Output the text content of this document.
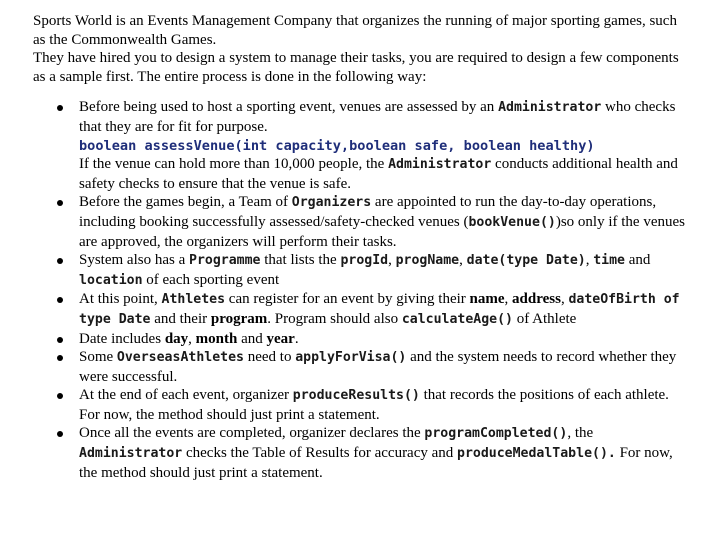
Sports World is an Events Management Company that organizes the running of major sporting games, such as the Commonwealth Games.
They have hired you to design a system to manage their tasks, you are required to design a few components as a sample first. The entire process is done in the following way:

Before being used to host a sporting event, venues are assessed by an Administrator who checks that they are for fit for purpose.
boolean assessVenue(int capacity,boolean safe, boolean healthy)
If the venue can hold more than 10,000 people, the Administrator conducts additional health and safety checks to ensure that the venue is safe.
Before the games begin, a Team of Organizers are appointed to run the day-to-day operations, including booking successfully assessed/safety-checked venues (bookVenue())so only if the venues are approved, the organizers will perform their tasks.
System also has a Programme that lists the progId, progName, date(type Date), time and location of each sporting event
At this point, Athletes can register for an event by giving their name, address, dateOfBirth of type Date and their program. Program should also calculateAge() of Athlete
Date includes day, month and year.
Some OverseasAthletes need to applyForVisa() and the system needs to record whether they were successful.
At the end of each event, organizer produceResults() that records the positions of each athlete. For now, the method should just print a statement.
Once all the events are completed, organizer declares the programCompleted(), the Administrator checks the Table of Results for accuracy and produceMedalTable(). For now, the method should just print a statement.
